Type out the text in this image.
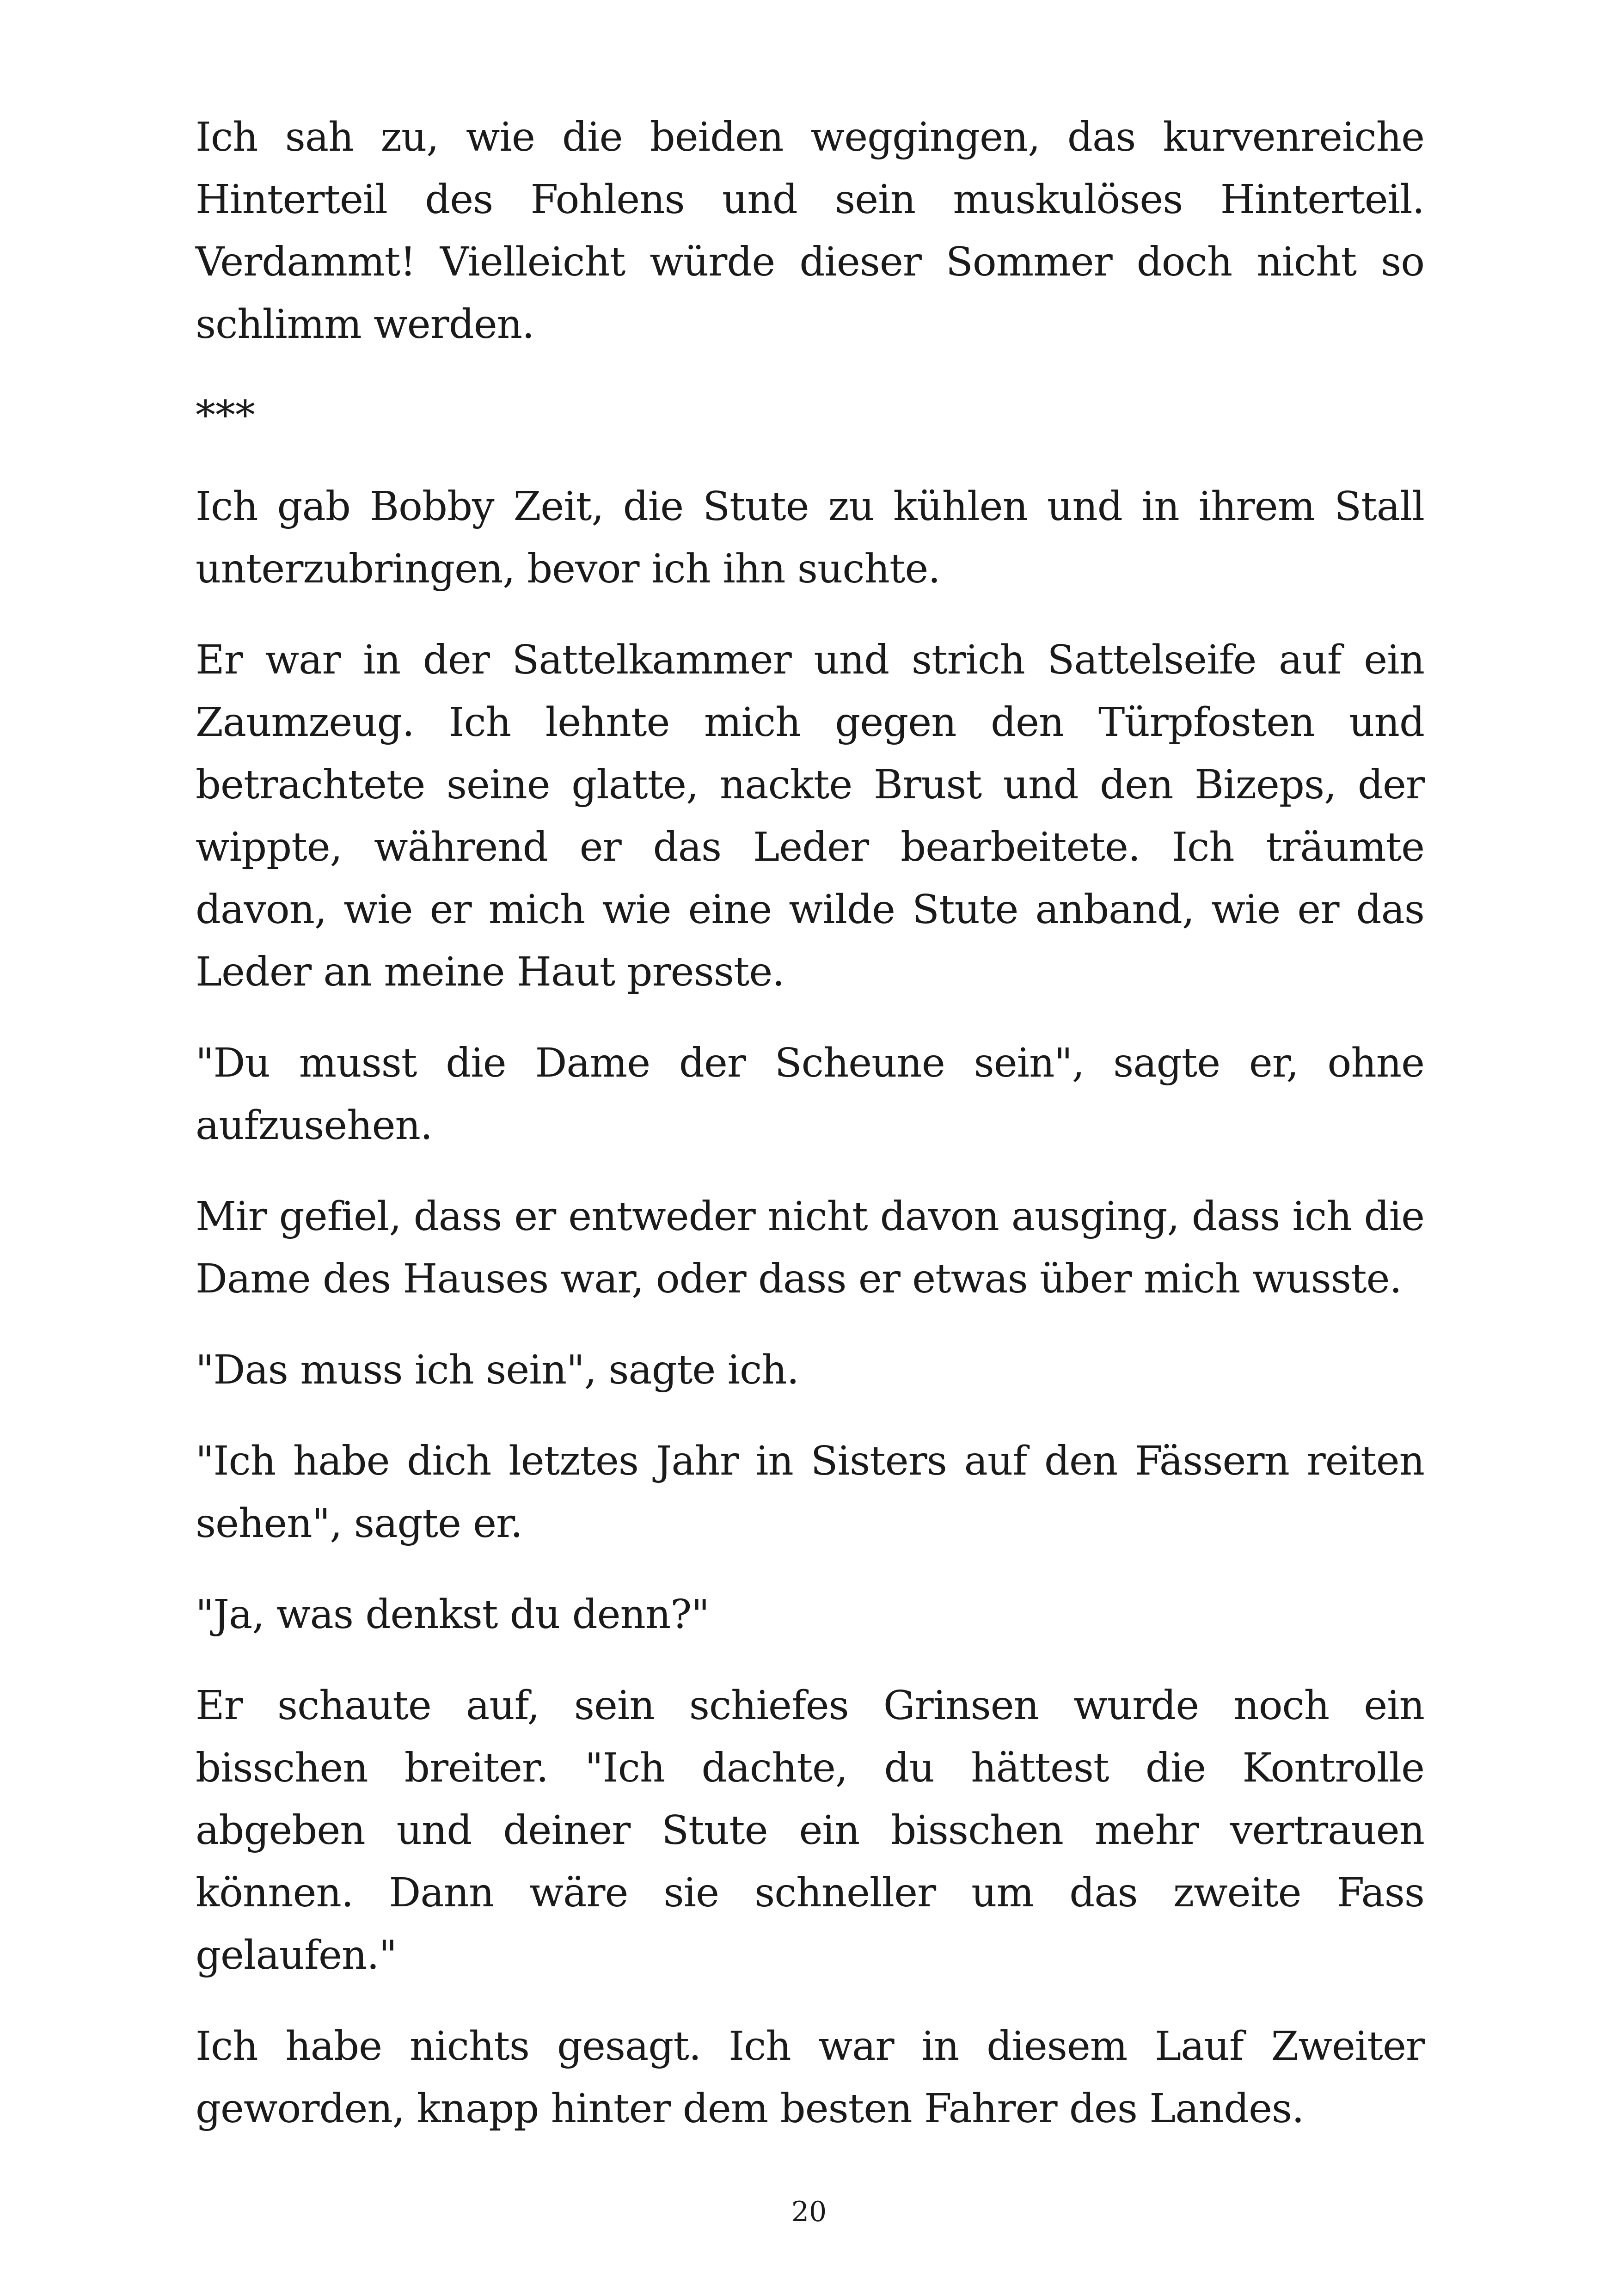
Ich sah zu, wie die beiden weggingen, das kurvenreiche Hinterteil des Fohlens und sein muskulöses Hinterteil. Verdammt! Vielleicht würde dieser Sommer doch nicht so schlimm werden.

***

Ich gab Bobby Zeit, die Stute zu kühlen und in ihrem Stall unterzubringen, bevor ich ihn suchte.

Er war in der Sattelkammer und strich Sattelseife auf ein Zaumzeug. Ich lehnte mich gegen den Türpfosten und betrachtete seine glatte, nackte Brust und den Bizeps, der wippte, während er das Leder bearbeitete. Ich träumte davon, wie er mich wie eine wilde Stute anband, wie er das Leder an meine Haut presste.

"Du musst die Dame der Scheune sein", sagte er, ohne aufzusehen.

Mir gefiel, dass er entweder nicht davon ausging, dass ich die Dame des Hauses war, oder dass er etwas über mich wusste.

"Das muss ich sein", sagte ich.

"Ich habe dich letztes Jahr in Sisters auf den Fässern reiten sehen", sagte er.

"Ja, was denkst du denn?"

Er schaute auf, sein schiefes Grinsen wurde noch ein bisschen breiter. "Ich dachte, du hättest die Kontrolle abgeben und deiner Stute ein bisschen mehr vertrauen können. Dann wäre sie schneller um das zweite Fass gelaufen."

Ich habe nichts gesagt. Ich war in diesem Lauf Zweiter geworden, knapp hinter dem besten Fahrer des Landes.

20
